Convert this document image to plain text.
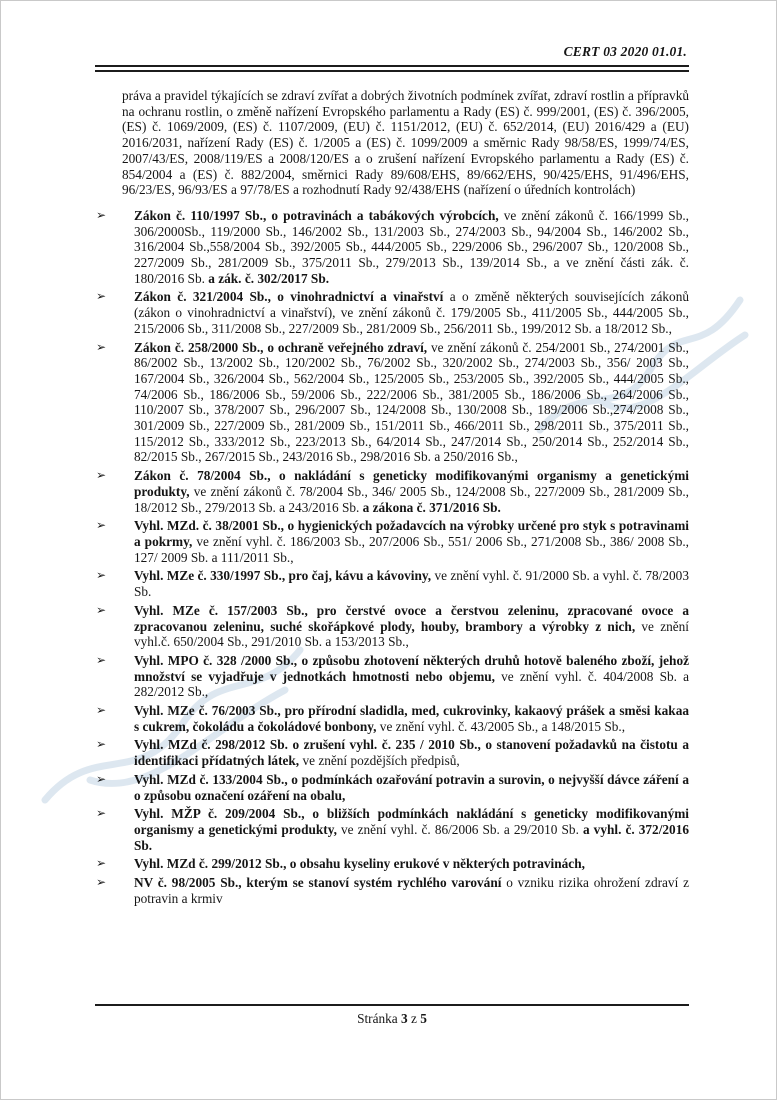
CERT 03 2020 01.01.

práva a pravidel týkajících se zdraví zvířat a dobrých životních podmínek zvířat, zdraví rostlin a přípravků na ochranu rostlin, o změně nařízení Evropského parlamentu a Rady (ES) č. 999/2001, (ES) č. 396/2005, (ES) č. 1069/2009, (ES) č. 1107/2009, (EU) č. 1151/2012, (EU) č. 652/2014, (EU) 2016/429 a (EU) 2016/2031, nařízení Rady (ES) č. 1/2005 a (ES) č. 1099/2009 a směrnic Rady 98/58/ES, 1999/74/ES, 2007/43/ES, 2008/119/ES a 2008/120/ES a o zrušení nařízení Evropského parlamentu a Rady (ES) č. 854/2004 a (ES) č. 882/2004, směrnici Rady 89/608/EHS, 89/662/EHS, 90/425/EHS, 91/496/EHS, 96/23/ES, 96/93/ES a 97/78/ES a rozhodnutí Rady 92/438/EHS (nařízení o úředních kontrolách)

➢ Zákon č. 110/1997 Sb., o potravinách a tabákových výrobcích, ve znění zákonů č. 166/1999 Sb., 306/2000Sb., 119/2000 Sb., 146/2002 Sb., 131/2003 Sb., 274/2003 Sb., 94/2004 Sb., 146/2002 Sb., 316/2004 Sb.,558/2004 Sb., 392/2005 Sb., 444/2005 Sb., 229/2006 Sb., 296/2007 Sb., 120/2008 Sb., 227/2009 Sb., 281/2009 Sb., 375/2011 Sb., 279/2013 Sb., 139/2014 Sb., a ve znění části zák. č. 180/2016 Sb. a zák. č. 302/2017 Sb.
➢ Zákon č. 321/2004 Sb., o vinohradnictví a vinařství a o změně některých souvisejících zákonů (zákon o vinohradnictví a vinařství), ve znění zákonů č. 179/2005 Sb., 411/2005 Sb., 444/2005 Sb., 215/2006 Sb., 311/2008 Sb., 227/2009 Sb., 281/2009 Sb., 256/2011 Sb., 199/2012 Sb. a 18/2012 Sb.,
➢ Zákon č. 258/2000 Sb., o ochraně veřejného zdraví, ve znění zákonů č. 254/2001 Sb., 274/2001 Sb., 86/2002 Sb., 13/2002 Sb., 120/2002 Sb., 76/2002 Sb., 320/2002 Sb., 274/2003 Sb., 356/ 2003 Sb., 167/2004 Sb., 326/2004 Sb., 562/2004 Sb., 125/2005 Sb., 253/2005 Sb., 392/2005 Sb., 444/2005 Sb., 74/2006 Sb., 186/2006 Sb., 59/2006 Sb., 222/2006 Sb., 381/2005 Sb., 186/2006 Sb., 264/2006 Sb., 110/2007 Sb., 378/2007 Sb., 296/2007 Sb., 124/2008 Sb., 130/2008 Sb., 189/2006 Sb.,274/2008 Sb., 301/2009 Sb., 227/2009 Sb., 281/2009 Sb., 151/2011 Sb., 466/2011 Sb., 298/2011 Sb., 375/2011 Sb., 115/2012 Sb., 333/2012 Sb., 223/2013 Sb., 64/2014 Sb., 247/2014 Sb., 250/2014 Sb., 252/2014 Sb., 82/2015 Sb., 267/2015 Sb., 243/2016 Sb., 298/2016 Sb. a 250/2016 Sb.,
➢ Zákon č. 78/2004 Sb., o nakládání s geneticky modifikovanými organismy a genetickými produkty, ve znění zákonů č. 78/2004 Sb., 346/ 2005 Sb., 124/2008 Sb., 227/2009 Sb., 281/2009 Sb., 18/2012 Sb., 279/2013 Sb. a 243/2016 Sb. a zákona č. 371/2016 Sb.
➢ Vyhl. MZd. č. 38/2001 Sb., o hygienických požadavcích na výrobky určené pro styk s potravinami a pokrmy, ve znění vyhl. č. 186/2003 Sb., 207/2006 Sb., 551/ 2006 Sb., 271/2008 Sb., 386/ 2008 Sb., 127/ 2009 Sb. a 111/2011 Sb.,
➢ Vyhl. MZe č. 330/1997 Sb., pro čaj, kávu a kávoviny, ve znění vyhl. č. 91/2000 Sb. a vyhl. č. 78/2003 Sb.
➢ Vyhl. MZe č. 157/2003 Sb., pro čerstvé ovoce a čerstvou zeleninu, zpracované ovoce a zpracovanou zeleninu, suché skořápkové plody, houby, brambory a výrobky z nich, ve znění vyhl.č. 650/2004 Sb., 291/2010 Sb. a 153/2013 Sb.,
➢ Vyhl. MPO č. 328 /2000 Sb., o způsobu zhotovení některých druhů hotově baleného zboží, jehož množství se vyjadřuje v jednotkách hmotnosti nebo objemu, ve znění vyhl. č. 404/2008 Sb. a 282/2012 Sb.,
➢ Vyhl. MZe č. 76/2003 Sb., pro přírodní sladidla, med, cukrovinky, kakaový prášek a směsi kakaa s cukrem, čokoládu a čokoládové bonbony, ve znění vyhl. č. 43/2005 Sb., a 148/2015 Sb.,
➢ Vyhl. MZd č. 298/2012 Sb. o zrušení vyhl. č. 235 / 2010 Sb., o stanovení požadavků na čistotu a identifikaci přídatných látek, ve znění pozdějších předpisů,
➢ Vyhl. MZd č. 133/2004 Sb., o podmínkách ozařování potravin a surovin, o nejvyšší dávce záření a o způsobu označení ozáření na obalu,
➢ Vyhl. MŽP č. 209/2004 Sb., o bližších podmínkách nakládání s geneticky modifikovanými organismy a genetickými produkty, ve znění vyhl. č. 86/2006 Sb. a 29/2010 Sb. a vyhl. č. 372/2016 Sb.
➢ Vyhl. MZd č. 299/2012 Sb., o obsahu kyseliny erukové v některých potravinách,
➢ NV č. 98/2005 Sb., kterým se stanoví systém rychlého varování o vzniku rizika ohrožení zdraví z potravin a krmiv
Stránka 3 z 5
